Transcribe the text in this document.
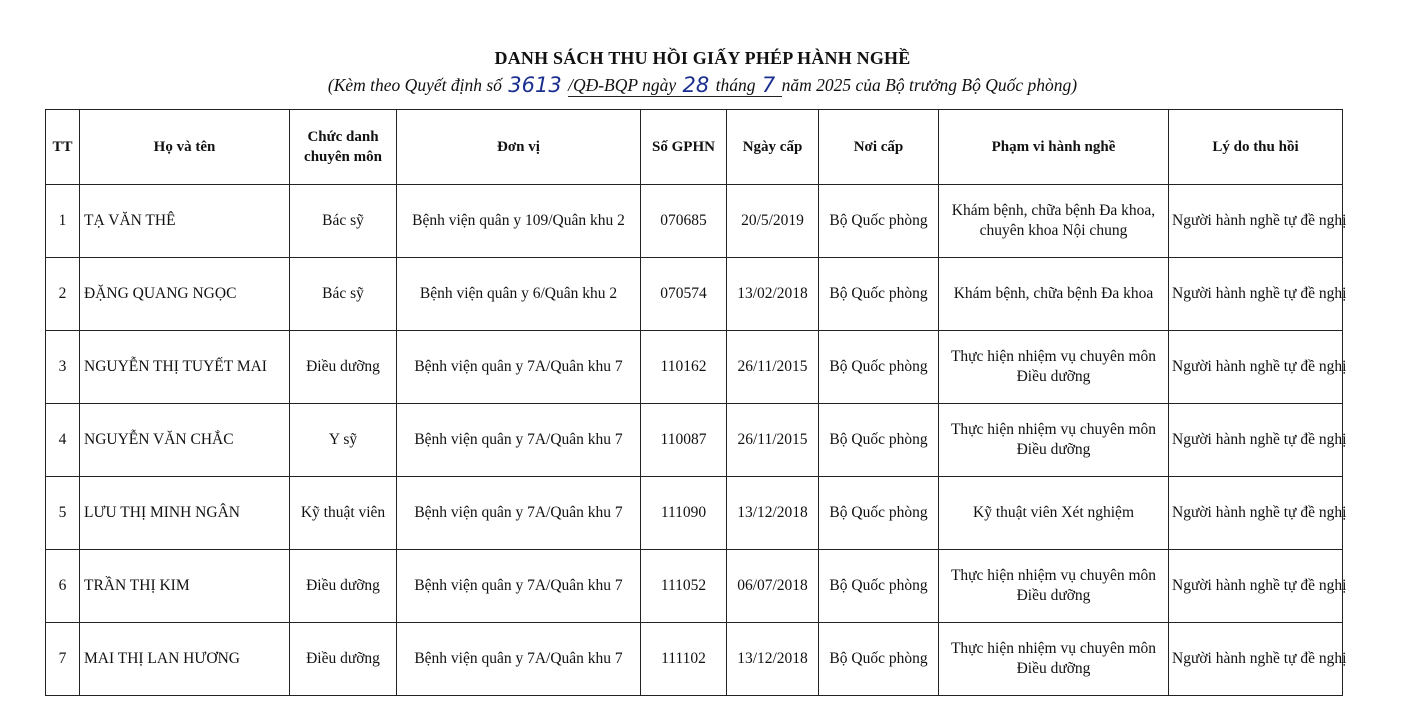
DANH SÁCH THU HỒI GIẤY PHÉP HÀNH NGHỀ
(Kèm theo Quyết định số 3613 /QĐ-BQP ngày 28 tháng 7 năm 2025 của Bộ trưởng Bộ Quốc phòng)
TT	Họ và tên	Chức danh
chuyên môn	Đơn vị	Số GPHN	Ngày cấp	Nơi cấp	Phạm vi hành nghề	Lý do thu hồi
1	TẠ VĂN THÊ	Bác sỹ	Bệnh viện quân y 109/Quân khu 2	070685	20/5/2019	Bộ Quốc phòng	Khám bệnh, chữa bệnh Đa khoa,
chuyên khoa Nội chung	Người hành nghề tự đề nghị
2	ĐẶNG QUANG NGỌC	Bác sỹ	Bệnh viện quân y 6/Quân khu 2	070574	13/02/2018	Bộ Quốc phòng	Khám bệnh, chữa bệnh Đa khoa	Người hành nghề tự đề nghị
3	NGUYỄN THỊ TUYẾT MAI	Điều dưỡng	Bệnh viện quân y 7A/Quân khu 7	110162	26/11/2015	Bộ Quốc phòng	Thực hiện nhiệm vụ chuyên môn
Điều dưỡng	Người hành nghề tự đề nghị
4	NGUYỄN VĂN CHẮC	Y sỹ	Bệnh viện quân y 7A/Quân khu 7	110087	26/11/2015	Bộ Quốc phòng	Thực hiện nhiệm vụ chuyên môn
Điều dưỡng	Người hành nghề tự đề nghị
5	LƯU THỊ MINH NGÂN	Kỹ thuật viên	Bệnh viện quân y 7A/Quân khu 7	111090	13/12/2018	Bộ Quốc phòng	Kỹ thuật viên Xét nghiệm	Người hành nghề tự đề nghị
6	TRẦN THỊ KIM	Điều dưỡng	Bệnh viện quân y 7A/Quân khu 7	111052	06/07/2018	Bộ Quốc phòng	Thực hiện nhiệm vụ chuyên môn
Điều dưỡng	Người hành nghề tự đề nghị
7	MAI THỊ LAN HƯƠNG	Điều dưỡng	Bệnh viện quân y 7A/Quân khu 7	111102	13/12/2018	Bộ Quốc phòng	Thực hiện nhiệm vụ chuyên môn
Điều dưỡng	Người hành nghề tự đề nghị
